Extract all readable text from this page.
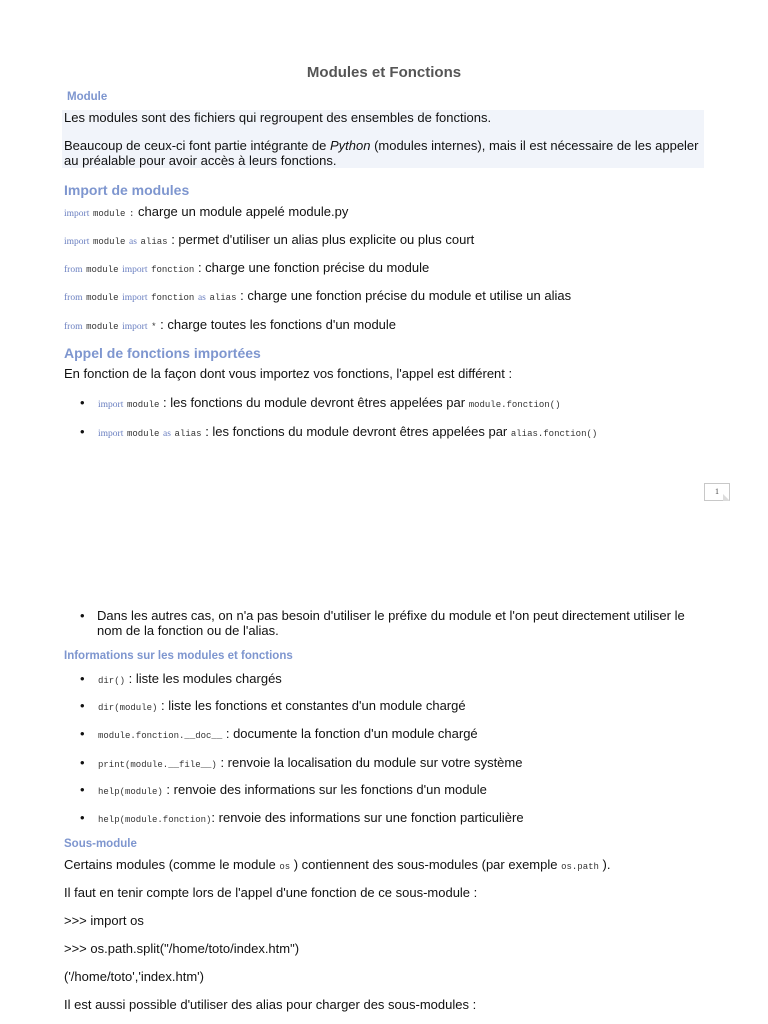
Modules et Fonctions
Module
Les modules sont des fichiers qui regroupent des ensembles de fonctions.
Beaucoup de ceux-ci font partie intégrante de Python (modules internes), mais il est nécessaire de les appeler au préalable pour avoir accès à leurs fonctions.
Import de modules
import module : charge un module appelé module.py
import module as alias : permet d'utiliser un alias plus explicite ou plus court
from module import fonction : charge une fonction précise du module
from module import fonction as alias : charge une fonction précise du module et utilise un alias
from module import * : charge toutes les fonctions d'un module
Appel de fonctions importées
En fonction de la façon dont vous importez vos fonctions, l'appel est différent :
• import module : les fonctions du module devront êtres appelées par module.fonction()
• import module as alias : les fonctions du module devront êtres appelées par alias.fonction()
1
• Dans les autres cas, on n'a pas besoin d'utiliser le préfixe du module et l'on peut directement utiliser le nom de la fonction ou de l'alias.
Informations sur les modules et fonctions
• dir() : liste les modules chargés
• dir(module) : liste les fonctions et constantes d'un module chargé
• module.fonction.__doc__ : documente la fonction d'un module chargé
• print(module.__file__) : renvoie la localisation du module sur votre système
• help(module) : renvoie des informations sur les fonctions d'un module
• help(module.fonction): renvoie des informations sur une fonction particulière
Sous-module
Certains modules (comme le module os ) contiennent des sous-modules (par exemple os.path ).
Il faut en tenir compte lors de l'appel d'une fonction de ce sous-module :
>>> import os
>>> os.path.split("/home/toto/index.htm")
('/home/toto','index.htm')
Il est aussi possible d'utiliser des alias pour charger des sous-modules :
